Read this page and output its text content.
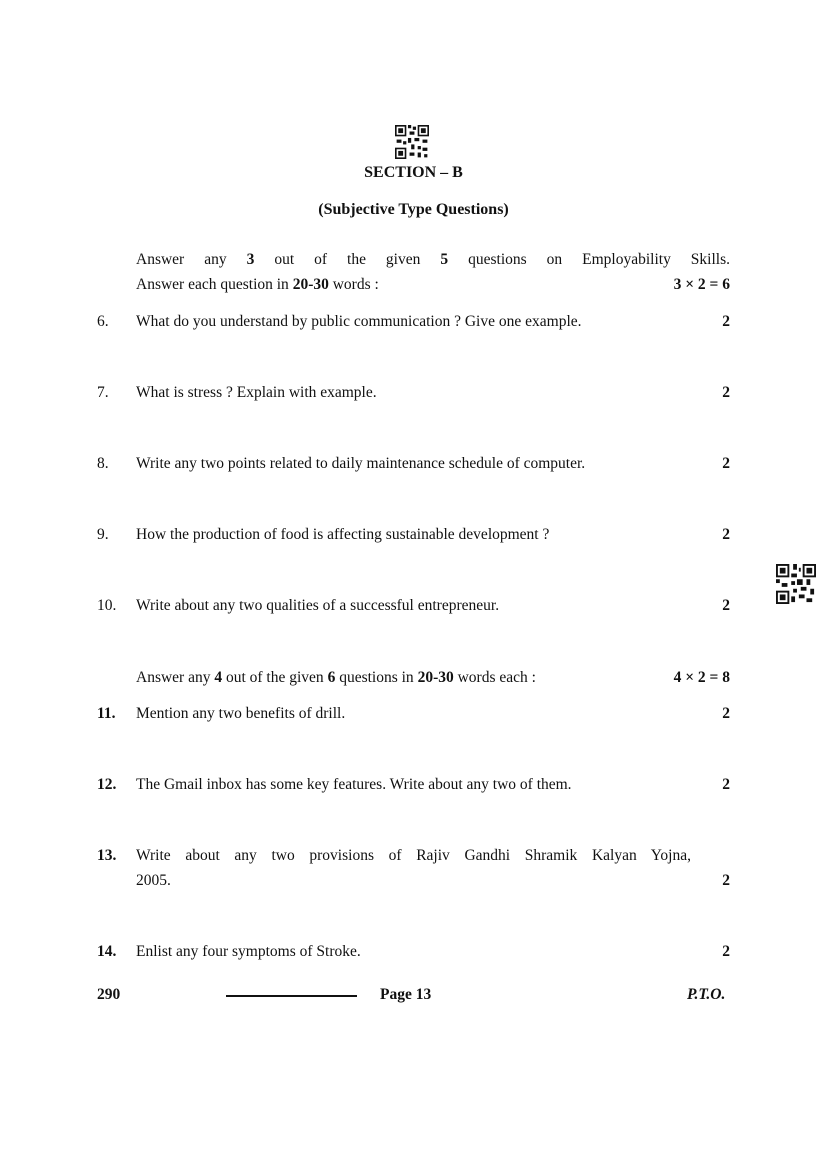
SECTION – B
(Subjective Type Questions)
Answer any 3 out of the given 5 questions on Employability Skills.
Answer each question in 20-30 words :	3 × 2 = 6
6.	What do you understand by public communication ? Give one example.	2
7.	What is stress ? Explain with example.	2
8.	Write any two points related to daily maintenance schedule of computer.	2
9.	How the production of food is affecting sustainable development ?	2
10.	Write about any two qualities of a successful entrepreneur.	2
Answer any 4 out of the given 6 questions in 20-30 words each :	4 × 2 = 8
11.	Mention any two benefits of drill.	2
12.	The Gmail inbox has some key features. Write about any two of them.	2
13.	Write about any two provisions of Rajiv Gandhi Shramik Kalyan Yojna,
2005.	2
14.	Enlist any four symptoms of Stroke.	2
290	Page 13	P.T.O.
